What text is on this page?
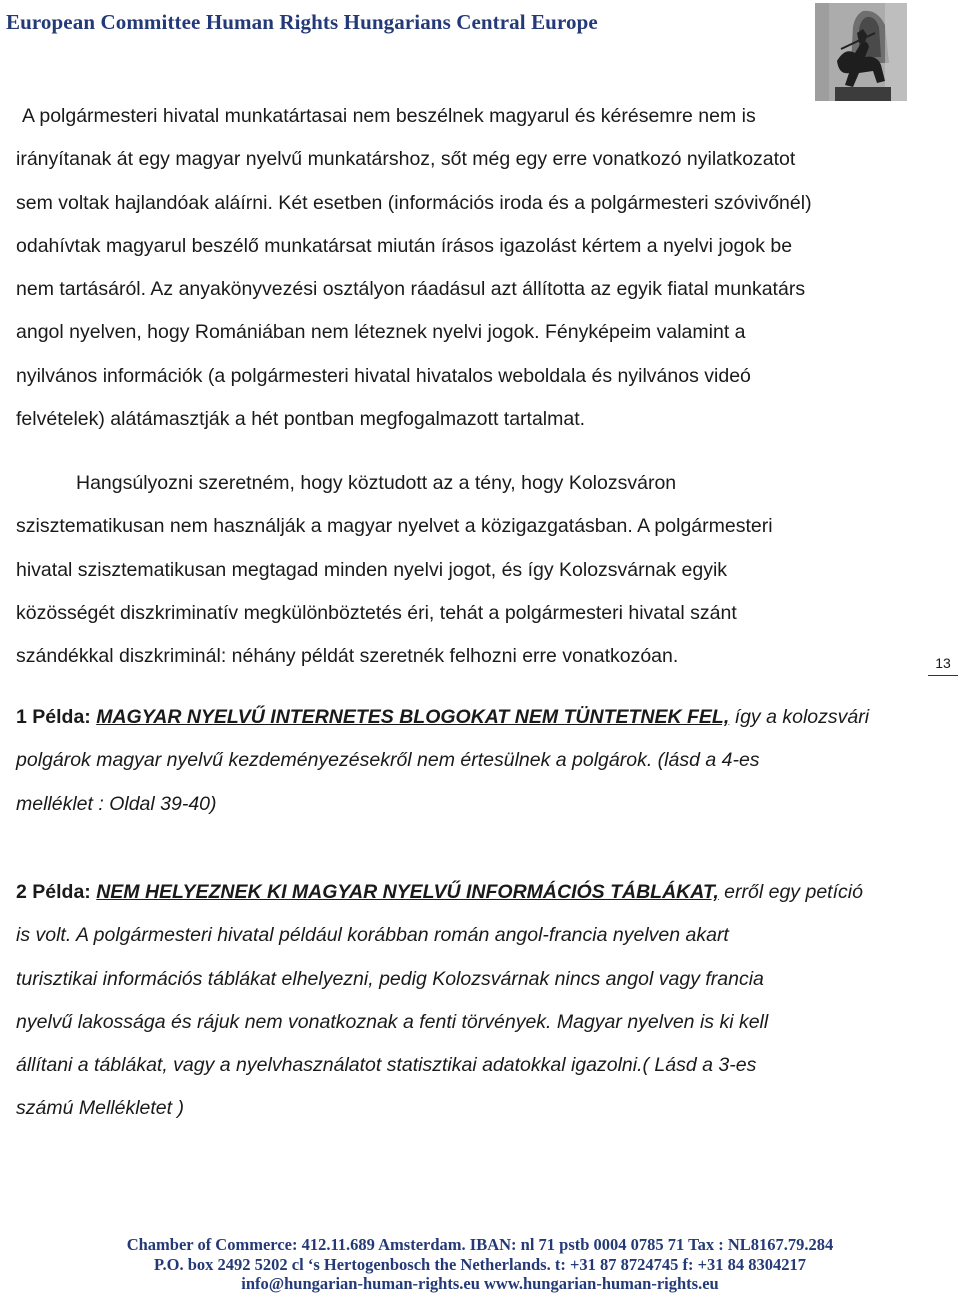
European Committee Human Rights Hungarians Central Europe
A polgármesteri hivatal munkatártasai nem beszélnek magyarul és kérésemre nem is
irányítanak át egy magyar nyelvű munkatárshoz, sőt még egy erre vonatkozó nyilatkozatot
sem voltak hajlandóak aláírni. Két esetben (információs iroda és a polgármesteri szóvivőnél)
odahívtak magyarul beszélő munkatársat miután írásos igazolást kértem a nyelvi jogok be
nem tartásáról. Az anyakönyvezési osztályon ráadásul azt állította az egyik fiatal munkatárs
angol nyelven, hogy Romániában nem léteznek nyelvi jogok. Fényképeim valamint a
nyilvános információk (a polgármesteri hivatal hivatalos weboldala és nyilvános videó
felvételek) alátámasztják a hét pontban megfogalmazott tartalmat.
Hangsúlyozni szeretném, hogy köztudott az a tény, hogy Kolozsváron
szisztematikusan nem használják a magyar nyelvet a közigazgatásban. A polgármesteri
hivatal szisztematikusan megtagad minden nyelvi jogot, és így Kolozsvárnak egyik
közösségét diszkriminatív megkülönböztetés éri, tehát a polgármesteri hivatal szánt
szándékkal diszkriminál: néhány példát szeretnék felhozni erre vonatkozóan.	13
1 Példa: MAGYAR NYELVŰ INTERNETES BLOGOKAT NEM TÜNTETNEK FEL, így a kolozsvári
polgárok magyar nyelvű kezdeményezésekről nem értesülnek a polgárok. (lásd a 4-es
melléklet : Oldal 39-40)
2 Példa: NEM HELYEZNEK KI MAGYAR NYELVŰ INFORMÁCIÓS TÁBLÁKAT, erről egy petíció
is volt. A polgármesteri hivatal például korábban román angol-francia nyelven akart
turisztikai információs táblákat elhelyezni, pedig Kolozsvárnak nincs angol vagy francia
nyelvű lakossága és rájuk nem vonatkoznak a fenti törvények. Magyar nyelven is ki kell
állítani a táblákat, vagy a nyelvhasználatot statisztikai adatokkal igazolni.( Lásd a 3-es
számú Mellékletet )
Chamber of Commerce: 412.11.689 Amsterdam. IBAN: nl 71 pstb 0004 0785 71 Tax : NL8167.79.284
P.O. box 2492 5202 cl ‘s Hertogenbosch the Netherlands. t: +31 87 8724745 f: +31 84 8304217
info@hungarian-human-rights.eu www.hungarian-human-rights.eu
